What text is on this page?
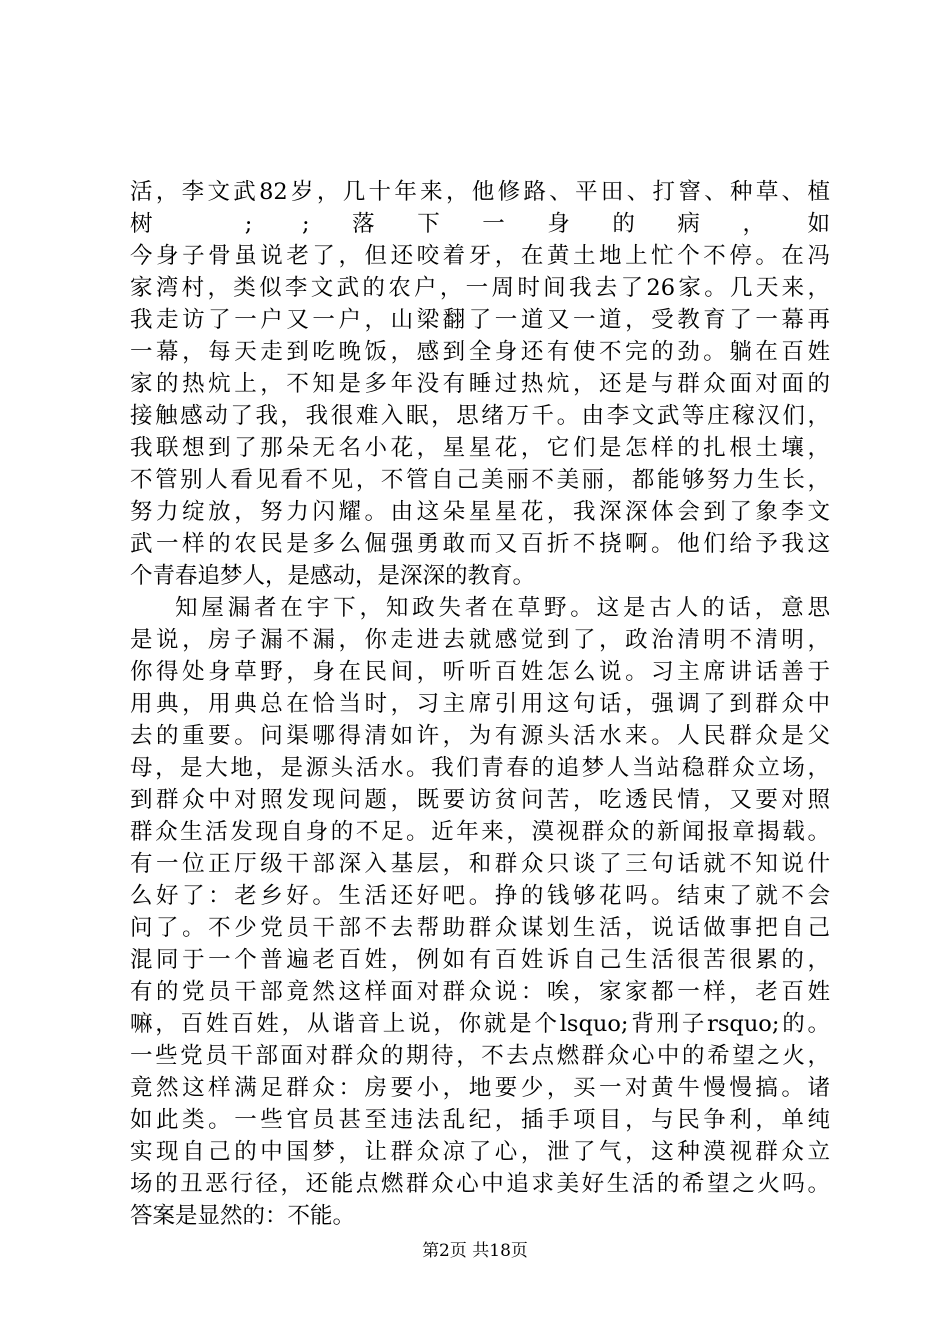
活，李文武82岁，几十年来，他修路、平田、打窨、种草、植
树 ; ;落下一身的病，如
今身子骨虽说老了，但还咬着牙，在黄土地上忙个不停。在冯
家湾村，类似李文武的农户，一周时间我去了26家。几天来，
我走访了一户又一户，山梁翻了一道又一道，受教育了一幕再
一幕，每天走到吃晚饭，感到全身还有使不完的劲。躺在百姓
家的热炕上，不知是多年没有睡过热炕，还是与群众面对面的
接触感动了我，我很难入眠，思绪万千。由李文武等庄稼汉们，
我联想到了那朵无名小花，星星花，它们是怎样的扎根土壤，
不管别人看见看不见，不管自己美丽不美丽，都能够努力生长，
努力绽放，努力闪耀。由这朵星星花，我深深体会到了象李文
武一样的农民是多么倔强勇敢而又百折不挠啊。他们给予我这
个青春追梦人，是感动，是深深的教育。
知屋漏者在宇下，知政失者在草野。这是古人的话，意思
是说，房子漏不漏，你走进去就感觉到了，政治清明不清明，
你得处身草野，身在民间，听听百姓怎么说。习主席讲话善于
用典，用典总在恰当时，习主席引用这句话，强调了到群众中
去的重要。问渠哪得清如许，为有源头活水来。人民群众是父
母，是大地，是源头活水。我们青春的追梦人当站稳群众立场，
到群众中对照发现问题，既要访贫问苦，吃透民情，又要对照
群众生活发现自身的不足。近年来，漠视群众的新闻报章揭载。
有一位正厅级干部深入基层，和群众只谈了三句话就不知说什
么好了：老乡好。生活还好吧。挣的钱够花吗。结束了就不会
问了。不少党员干部不去帮助群众谋划生活，说话做事把自己
混同于一个普遍老百姓，例如有百姓诉自己生活很苦很累的，
有的党员干部竟然这样面对群众说：唉，家家都一样，老百姓
嘛，百姓百姓，从谐音上说，你就是个lsquo;背刑子rsquo;的。
一些党员干部面对群众的期待，不去点燃群众心中的希望之火，
竟然这样满足群众：房要小，地要少，买一对黄牛慢慢搞。诸
如此类。一些官员甚至违法乱纪，插手项目，与民争利，单纯
实现自己的中国梦，让群众凉了心，泄了气，这种漠视群众立
场的丑恶行径，还能点燃群众心中追求美好生活的希望之火吗。
答案是显然的：不能。
第2页 共18页
